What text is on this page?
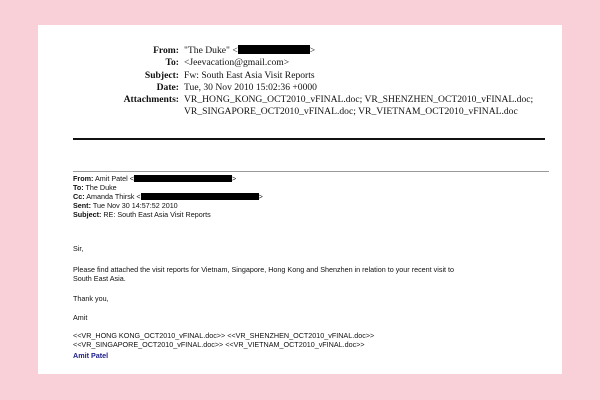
From: "The Duke" <	>
To: <Jeevacation@gmail.com>
Subject: Fw: South East Asia Visit Reports
Date: Tue, 30 Nov 2010 15:02:36 +0000
Attachments: VR_HONG_KONG_OCT2010_vFINAL.doc; VR_SHENZHEN_OCT2010_vFINAL.doc;
VR_SINGAPORE_OCT2010_vFINAL.doc; VR_VIETNAM_OCT2010_vFINAL.doc
From: Amit Patel <	>
To: The Duke
Cc: Amanda Thirsk <	>
Sent: Tue Nov 30 14:57:52 2010
Subject: RE: South East Asia Visit Reports
Sir,
Please find attached the visit reports for Vietnam, Singapore, Hong Kong and Shenzhen in relation to your recent visit to
South East Asia.
Thank you,
Amit
<<VR_HONG KONG_OCT2010_vFINAL.doc>> <<VR_SHENZHEN_OCT2010_vFINAL.doc>>
<<VR_SINGAPORE_OCT2010_vFINAL.doc>> <<VR_VIETNAM_OCT2010_vFINAL.doc>>
Amit Patel
